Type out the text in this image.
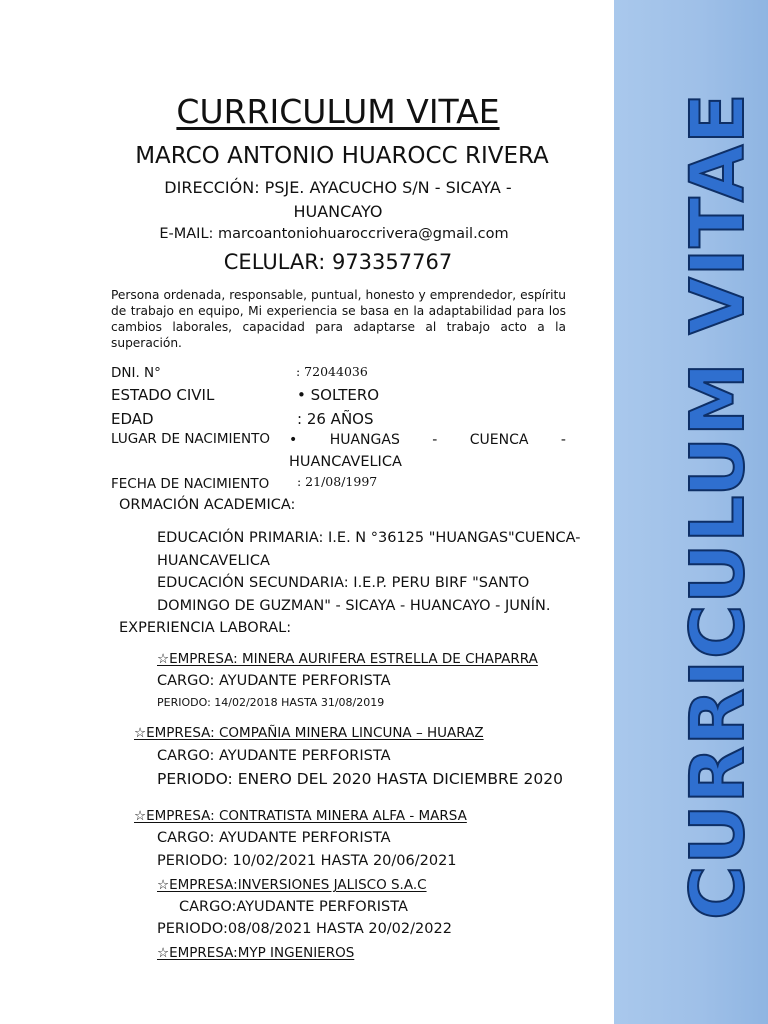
CURRICULUM VITAE
CURRICULUM VITAE
MARCO ANTONIO HUAROCC RIVERA
DIRECCIÓN: PSJE. AYACUCHO S/N - SICAYA -
HUANCAYO
E-MAIL: marcoantoniohuaroccrivera@gmail.com
CELULAR: 973357767
Persona ordenada, responsable, puntual, honesto y emprendedor, espíritu de trabajo en equipo, Mi experiencia se basa en la adaptabilidad para los cambios laborales, capacidad para adaptarse al trabajo acto a la superación.
DNI. N°	: 72044036
ESTADO CIVIL	• SOLTERO
EDAD	: 26 AÑOS
LUGAR DE NACIMIENTO • HUANGAS - CUENCA -
HUANCAVELICA
FECHA DE NACIMIENTO : 21/08/1997
ORMACIÓN ACADEMICA:
EDUCACIÓN PRIMARIA: I.E. N °36125 "HUANGAS"CUENCA-
HUANCAVELICA
EDUCACIÓN SECUNDARIA: I.E.P. PERU BIRF "SANTO
DOMINGO DE GUZMAN" - SICAYA - HUANCAYO - JUNÍN.
EXPERIENCIA LABORAL:
☆EMPRESA: MINERA AURIFERA ESTRELLA DE CHAPARRA
CARGO: AYUDANTE PERFORISTA
PERIODO: 14/02/2018 HASTA 31/08/2019
☆EMPRESA: COMPAÑIA MINERA LINCUNA – HUARAZ
CARGO: AYUDANTE PERFORISTA
PERIODO: ENERO DEL 2020 HASTA DICIEMBRE 2020
☆EMPRESA: CONTRATISTA MINERA ALFA - MARSA
CARGO: AYUDANTE PERFORISTA
PERIODO: 10/02/2021 HASTA 20/06/2021
☆EMPRESA:INVERSIONES JALISCO S.A.C
CARGO:AYUDANTE PERFORISTA
PERIODO:08/08/2021 HASTA 20/02/2022
☆EMPRESA:MYP INGENIEROS
